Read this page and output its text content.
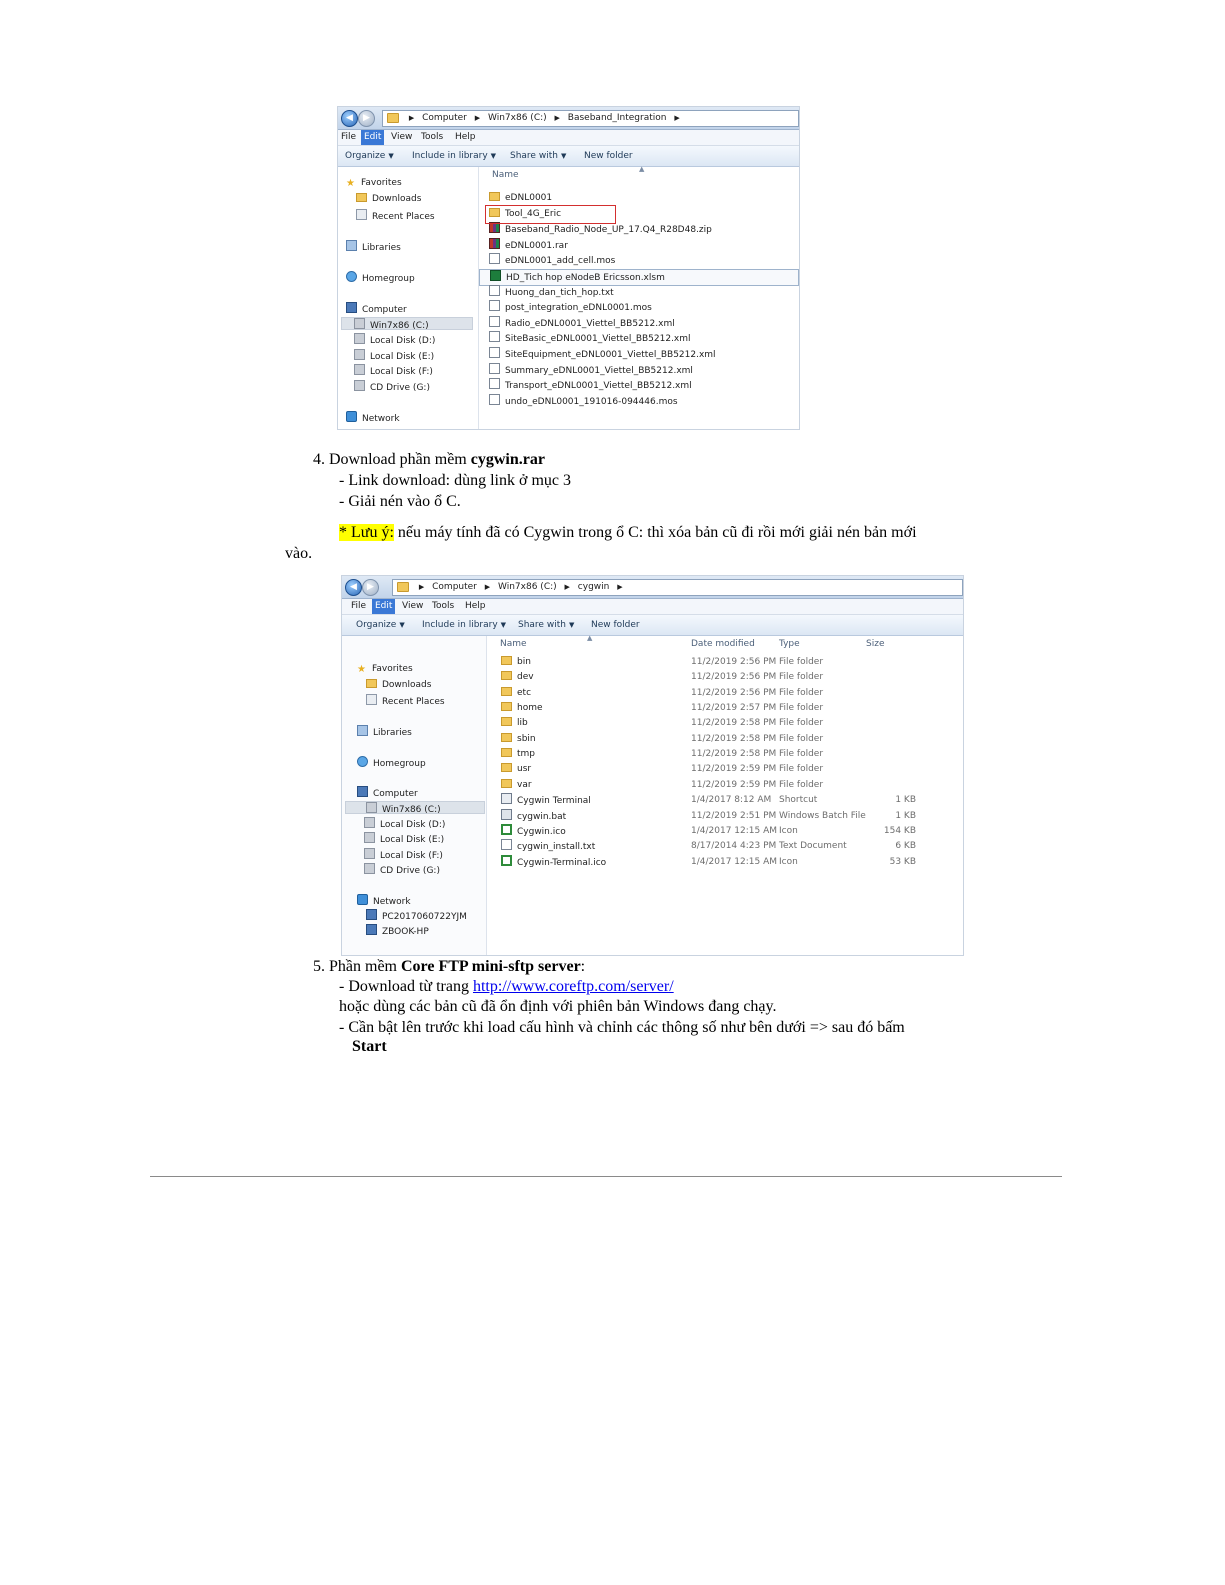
◀	▶	▶ Computer ▶ Win7x86 (C:) ▶ Baseband_Integration ▶
File Edit	View Tools	Help
Organize ▼ Include in library ▼ Share with ▼ New folder
★ Favorites
Downloads
Recent Places
Libraries
Homegroup
Computer
Win7x86 (C:)
Local Disk (D:)
Local Disk (E:)
Local Disk (F:)
CD Drive (G:)
Network
Name
▲
eDNL0001
Tool_4G_Eric
Baseband_Radio_Node_UP_17.Q4_R28D48.zip
eDNL0001.rar
eDNL0001_add_cell.mos
HD_Tich hop eNodeB Ericsson.xlsm
Huong_dan_tich_hop.txt
post_integration_eDNL0001.mos
Radio_eDNL0001_Viettel_BB5212.xml
SiteBasic_eDNL0001_Viettel_BB5212.xml
SiteEquipment_eDNL0001_Viettel_BB5212.xml
Summary_eDNL0001_Viettel_BB5212.xml
Transport_eDNL0001_Viettel_BB5212.xml
undo_eDNL0001_191016-094446.mos
4. Download phần mềm cygwin.rar
- Link download: dùng link ở mục 3
- Giải nén vào ổ C.
* Lưu ý: nếu máy tính đã có Cygwin trong ổ C: thì xóa bản cũ đi rồi mới giải nén bản mới
vào.
◀	▶	▶ Computer ▶ Win7x86 (C:) ▶ cygwin ▶
File Edit	View Tools	Help
Organize ▼ Include in library ▼ Share with ▼ New folder
★ Favorites
Downloads
Recent Places
Libraries
Homegroup
Computer
Win7x86 (C:)
Local Disk (D:)
Local Disk (E:)
Local Disk (F:)
CD Drive (G:)
Network
PC2017060722YJM
ZBOOK-HP
Name
▲
Date modified	Type	Size
bin	11/2/2019 2:56 PM File folder
dev	11/2/2019 2:56 PM File folder
etc	11/2/2019 2:56 PM File folder
home	11/2/2019 2:57 PM File folder
lib	11/2/2019 2:58 PM File folder
sbin	11/2/2019 2:58 PM File folder
tmp	11/2/2019 2:58 PM File folder
usr	11/2/2019 2:59 PM File folder
var	11/2/2019 2:59 PM File folder
Cygwin Terminal	1/4/2017 8:12 AM Shortcut	1 KB
cygwin.bat	11/2/2019 2:51 PM Windows Batch File	1 KB
Cygwin.ico	1/4/2017 12:15 AM Icon	154 KB
cygwin_install.txt	8/17/2014 4:23 PM Text Document	6 KB
Cygwin-Terminal.ico	1/4/2017 12:15 AM Icon	53 KB
5. Phần mềm Core FTP mini-sftp server:
- Download từ trang http://www.coreftp.com/server/
hoặc dùng các bản cũ đã ổn định với phiên bản Windows đang chạy.
- Cần bật lên trước khi load cấu hình và chỉnh các thông số như bên dưới => sau đó bấm
Start
